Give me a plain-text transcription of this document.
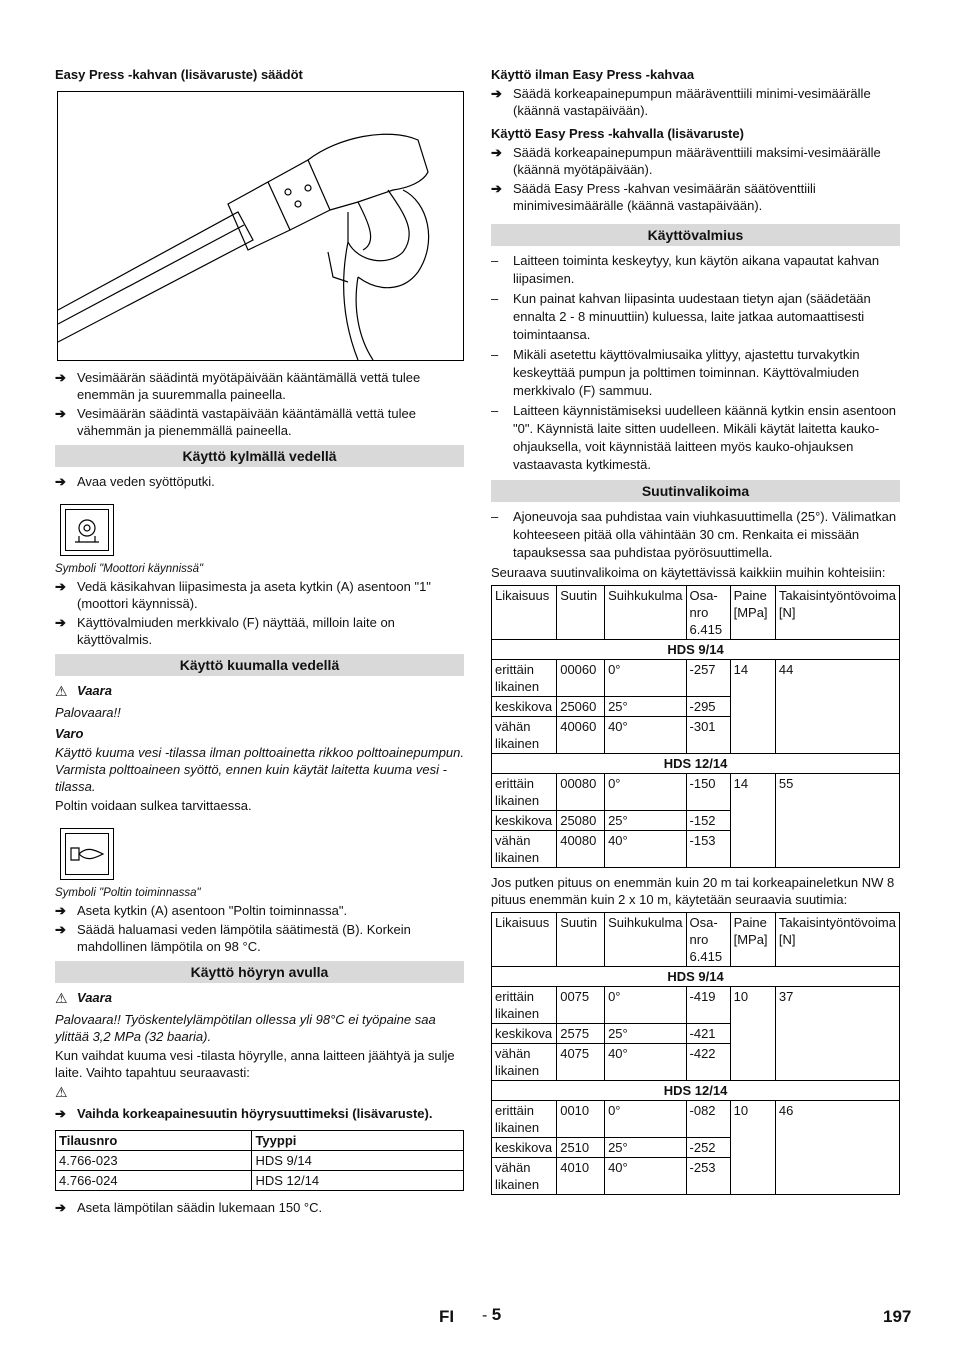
Easy Press -kahvan (lisävaruste) säädöt
➔ Vesimäärän säädintä myötäpäivään kääntämällä vettä tulee enemmän ja suuremmalla paineella.
➔ Vesimäärän säädintä vastapäivään kääntämällä vettä tulee vähemmän ja pienemmällä paineella.
Käyttö kylmällä vedellä
➔ Avaa veden syöttöputki.
Symboli "Moottori käynnissä"
➔ Vedä käsikahvan liipasimesta ja aseta kytkin (A) asentoon "1" (moottori käynnissä).
➔ Käyttövalmiuden merkkivalo (F) näyttää, milloin laite on käyttövalmis.
Käyttö kuumalla vedellä
⚠ Vaara
Palovaara!!
Varo
Käyttö kuuma vesi -tilassa ilman polttoainetta rikkoo polttoainepumpun. Varmista polttoaineen syöttö, ennen kuin käytät laitetta kuuma vesi -tilassa.
Poltin voidaan sulkea tarvittaessa.
Symboli "Poltin toiminnassa"
➔ Aseta kytkin (A) asentoon "Poltin toiminnassa".
➔ Säädä haluamasi veden lämpötila säätimestä (B). Korkein mahdollinen lämpötila on 98 °C.
Käyttö höyryn avulla
⚠ Vaara
Palovaara!! Työskentelylämpötilan ollessa yli 98°C ei työpaine saa ylittää 3,2 MPa (32 baaria).
Kun vaihdat kuuma vesi -tilasta höyrylle, anna laitteen jäähtyä ja sulje laite. Vaihto tapahtuu seuraavasti:
⚠
➔ Vaihda korkeapainesuutin höyrysuuttimeksi (lisävaruste).
Tilausnro	Tyyppi
4.766-023	HDS 9/14
4.766-024	HDS 12/14
➔ Aseta lämpötilan säädin lukemaan 150 °C.
Käyttö ilman Easy Press -kahvaa
➔ Säädä korkeapainepumpun määräventtiili minimi-vesimäärälle (käännä vastapäivään).
Käyttö Easy Press -kahvalla (lisävaruste)
➔ Säädä korkeapainepumpun määräventtiili maksimi-vesimäärälle (käännä myötäpäivään).
➔ Säädä Easy Press -kahvan vesimäärän säätöventtiili minimivesimäärälle (käännä vastapäivään).
Käyttövalmius
–	Laitteen toiminta keskeytyy, kun käytön aikana vapautat kahvan liipasimen.
–	Kun painat kahvan liipasinta uudestaan tietyn ajan (säädetään ennalta 2 - 8 minuuttiin) kuluessa, laite jatkaa automaattisesti toimintaansa.
–	Mikäli asetettu käyttövalmiusaika ylittyy, ajastettu turvakytkin keskeyttää pumpun ja polttimen toiminnan. Käyttövalmiuden merkkivalo (F) sammuu.
–	Laitteen käynnistämiseksi uudelleen käännä kytkin ensin asentoon "0". Käynnistä laite sitten uudelleen. Mikäli käytät laitetta kauko-ohjauksella, voit käynnistää laitteen myös kauko-ohjauksen vastaavasta kytkimestä.
Suutinvalikoima
–	Ajoneuvoja saa puhdistaa vain viuhkasuuttimella (25°). Välimatkan kohteeseen pitää olla vähintään 30 cm. Renkaita ei missään tapauksessa saa puhdistaa pyörösuuttimella.
Seuraava suutinvalikoima on käytettävissä kaikkiin muihin kohteisiin:
Likaisuus	Suutin	Suihkukulma	Osa-nro 6.415	Paine [MPa]	Takaisintyöntövoima [N]
HDS 9/14					
erittäin likainen	00060	0°	-257	14	44
keskikova	25060	25°	-295		
vähän likainen	40060	40°	-301		
HDS 12/14					
erittäin likainen	00080	0°	-150	14	55
keskikova	25080	25°	-152		
vähän likainen	40080	40°	-153		
Jos putken pituus on enemmän kuin 20 m tai korkeapaineletkun NW 8 pituus enemmän kuin 2 x 10 m, käytetään seuraavia suutimia:
Likaisuus	Suutin	Suihkukulma	Osa-nro 6.415	Paine [MPa]	Takaisintyöntövoima [N]
HDS 9/14					
erittäin likainen	0075	0°	-419	10	37
keskikova	2575	25°	-421		
vähän likainen	4075	40°	-422		
HDS 12/14					
erittäin likainen	0010	0°	-082	10	46
keskikova	2510	25°	-252		
vähän likainen	4010	40°	-253		
FI - 5	197
